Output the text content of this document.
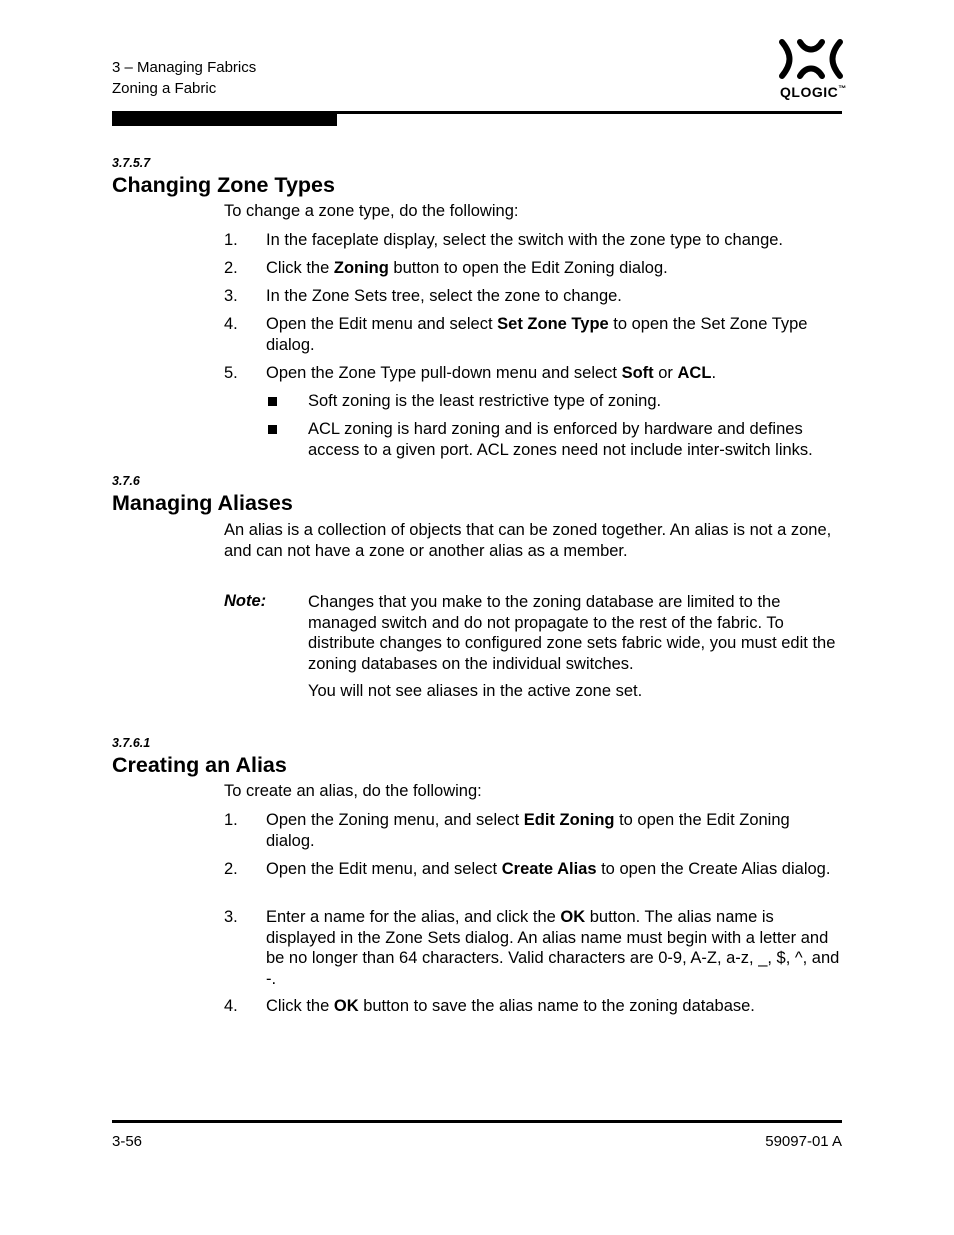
3 – Managing Fabrics
Zoning a Fabric	QLOGIC™
3.7.5.7
Changing Zone Types
To change a zone type, do the following:
1. In the faceplate display, select the switch with the zone type to change.
2. Click the Zoning button to open the Edit Zoning dialog.
3. In the Zone Sets tree, select the zone to change.
4. Open the Edit menu and select Set Zone Type to open the Set Zone Type dialog.
5. Open the Zone Type pull-down menu and select Soft or ACL.
Soft zoning is the least restrictive type of zoning.
ACL zoning is hard zoning and is enforced by hardware and defines access to a given port. ACL zones need not include inter-switch links.
3.7.6
Managing Aliases
An alias is a collection of objects that can be zoned together. An alias is not a zone, and can not have a zone or another alias as a member.
Note:	Changes that you make to the zoning database are limited to the managed switch and do not propagate to the rest of the fabric. To distribute changes to configured zone sets fabric wide, you must edit the zoning databases on the individual switches.
You will not see aliases in the active zone set.
3.7.6.1
Creating an Alias
To create an alias, do the following:
1. Open the Zoning menu, and select Edit Zoning to open the Edit Zoning dialog.
2. Open the Edit menu, and select Create Alias to open the Create Alias dialog.
3. Enter a name for the alias, and click the OK button. The alias name is displayed in the Zone Sets dialog. An alias name must begin with a letter and be no longer than 64 characters. Valid characters are 0-9, A-Z, a-z, _, $, ^, and -.
4. Click the OK button to save the alias name to the zoning database.
3-56	59097-01 A
